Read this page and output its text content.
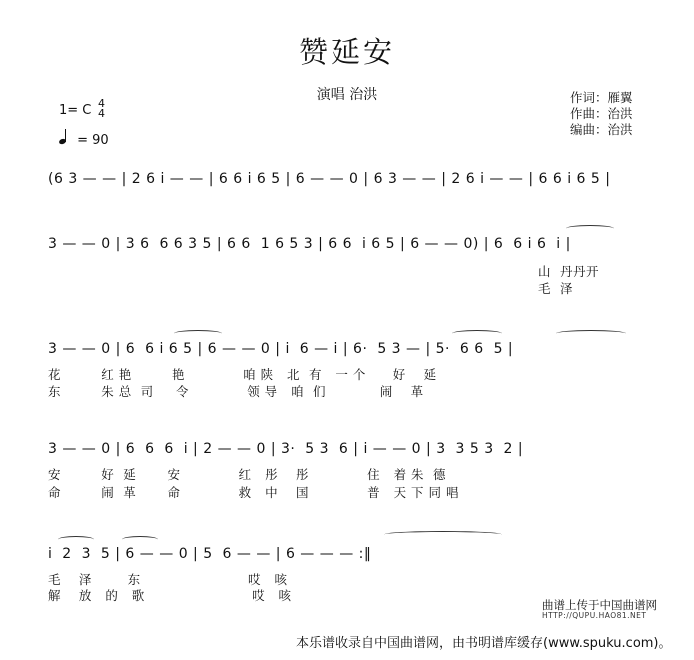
赞延安
演唱 治洪	作词：雁翼
作曲：治洪
编曲：治洪
1= C 4
4
= 90
(6 3 — — | 2 6 i — — | 6 6 i 6 5 | 6 — — 0 | 6 3 — — | 2 6 i — — | 6 6 i 6 5 |
3 — — 0 | 3 6  6 6 3 5 | 6 6  1 6 5 3 | 6 6  i 6 5 | 6 — — 0) | 6  6 i 6  i |
山  丹丹开
毛  泽
3 — — 0 | 6  6 i 6 5 | 6 — — 0 | i  6 — i | 6·  5 3 — | 5·  6 6  5 |
花         红 艳         艳             咱 陕   北  有   一 个      好    延
东         朱 总  司     令             领 导   咱  们            闹    革
3 — — 0 | 6  6  6  i | 2 — — 0 | 3·  5 3  6 | i — — 0 | 3  3 5 3  2 |
安         好  延       安             红   彤    彤             住   着 朱  德
命         闹  革       命             救   中    国             普   天 下 同 唱
i  2  3  5 | 6 — — 0 | 5  6 — — | 6 — — — :‖
毛    泽        东                        哎   咳
解    放   的   歌                        哎   咳
曲谱上传于中国曲谱网
HTTP://QUPU.HAO81.NET
本乐谱收录自中国曲谱网，由书明谱库缓存(www.spuku.com)。
